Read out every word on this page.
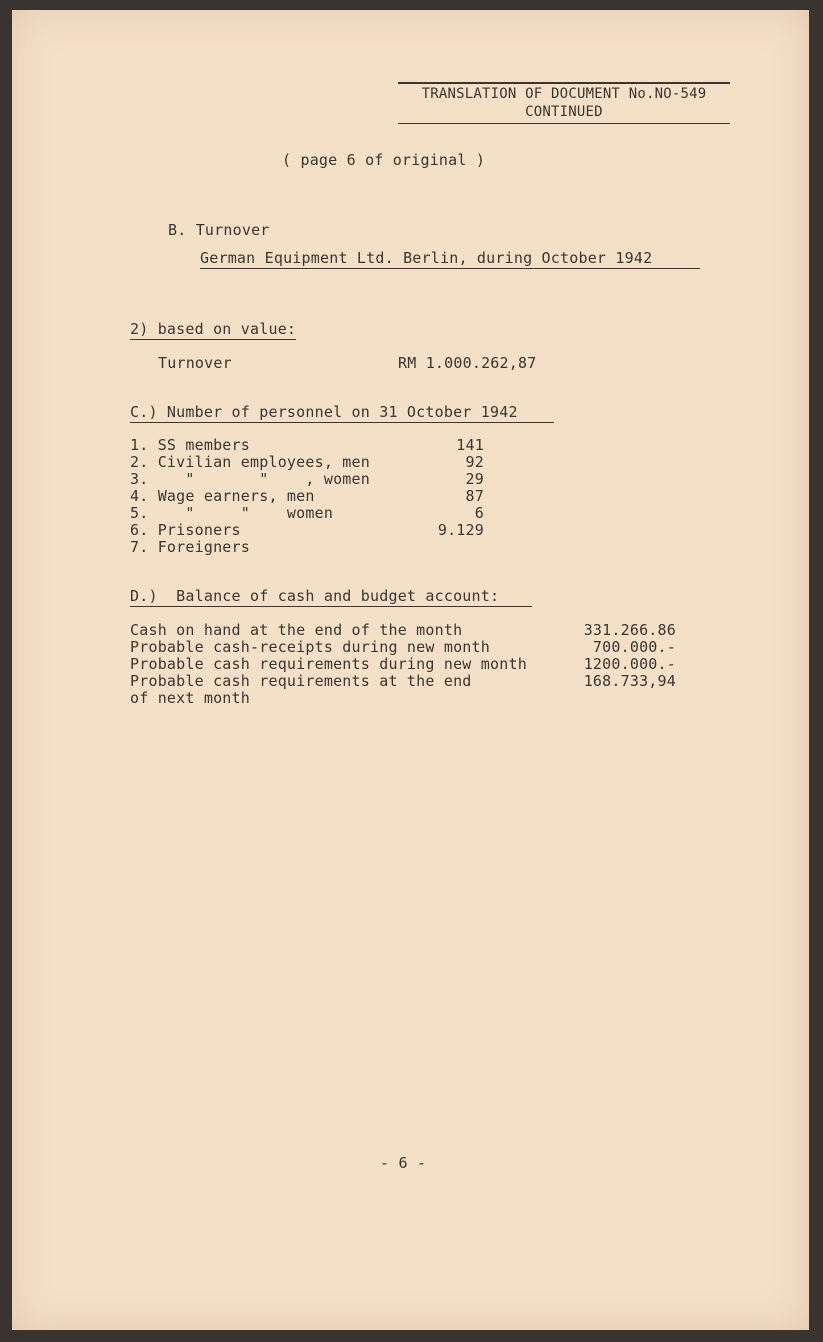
TRANSLATION OF DOCUMENT No.NO-549
CONTINUED
( page 6 of original )
B. Turnover
German Equipment Ltd. Berlin, during October 1942
2) based on value:
Turnover	RM 1.000.262,87
C.) Number of personnel on 31 October 1942
1. SS members	141
2. Civilian employees, men	92
3.    "       "    , women	29
4. Wage earners, men	87
5.    "     "    women	6
6. Prisoners	9.129
7. Foreigners
D.)  Balance of cash and budget account:
Cash on hand at the end of the month	331.266.86
Probable cash-receipts during new month	700.000.-
Probable cash requirements during new month	1200.000.-
Probable cash requirements at the end	168.733,94
of next month
- 6 -
